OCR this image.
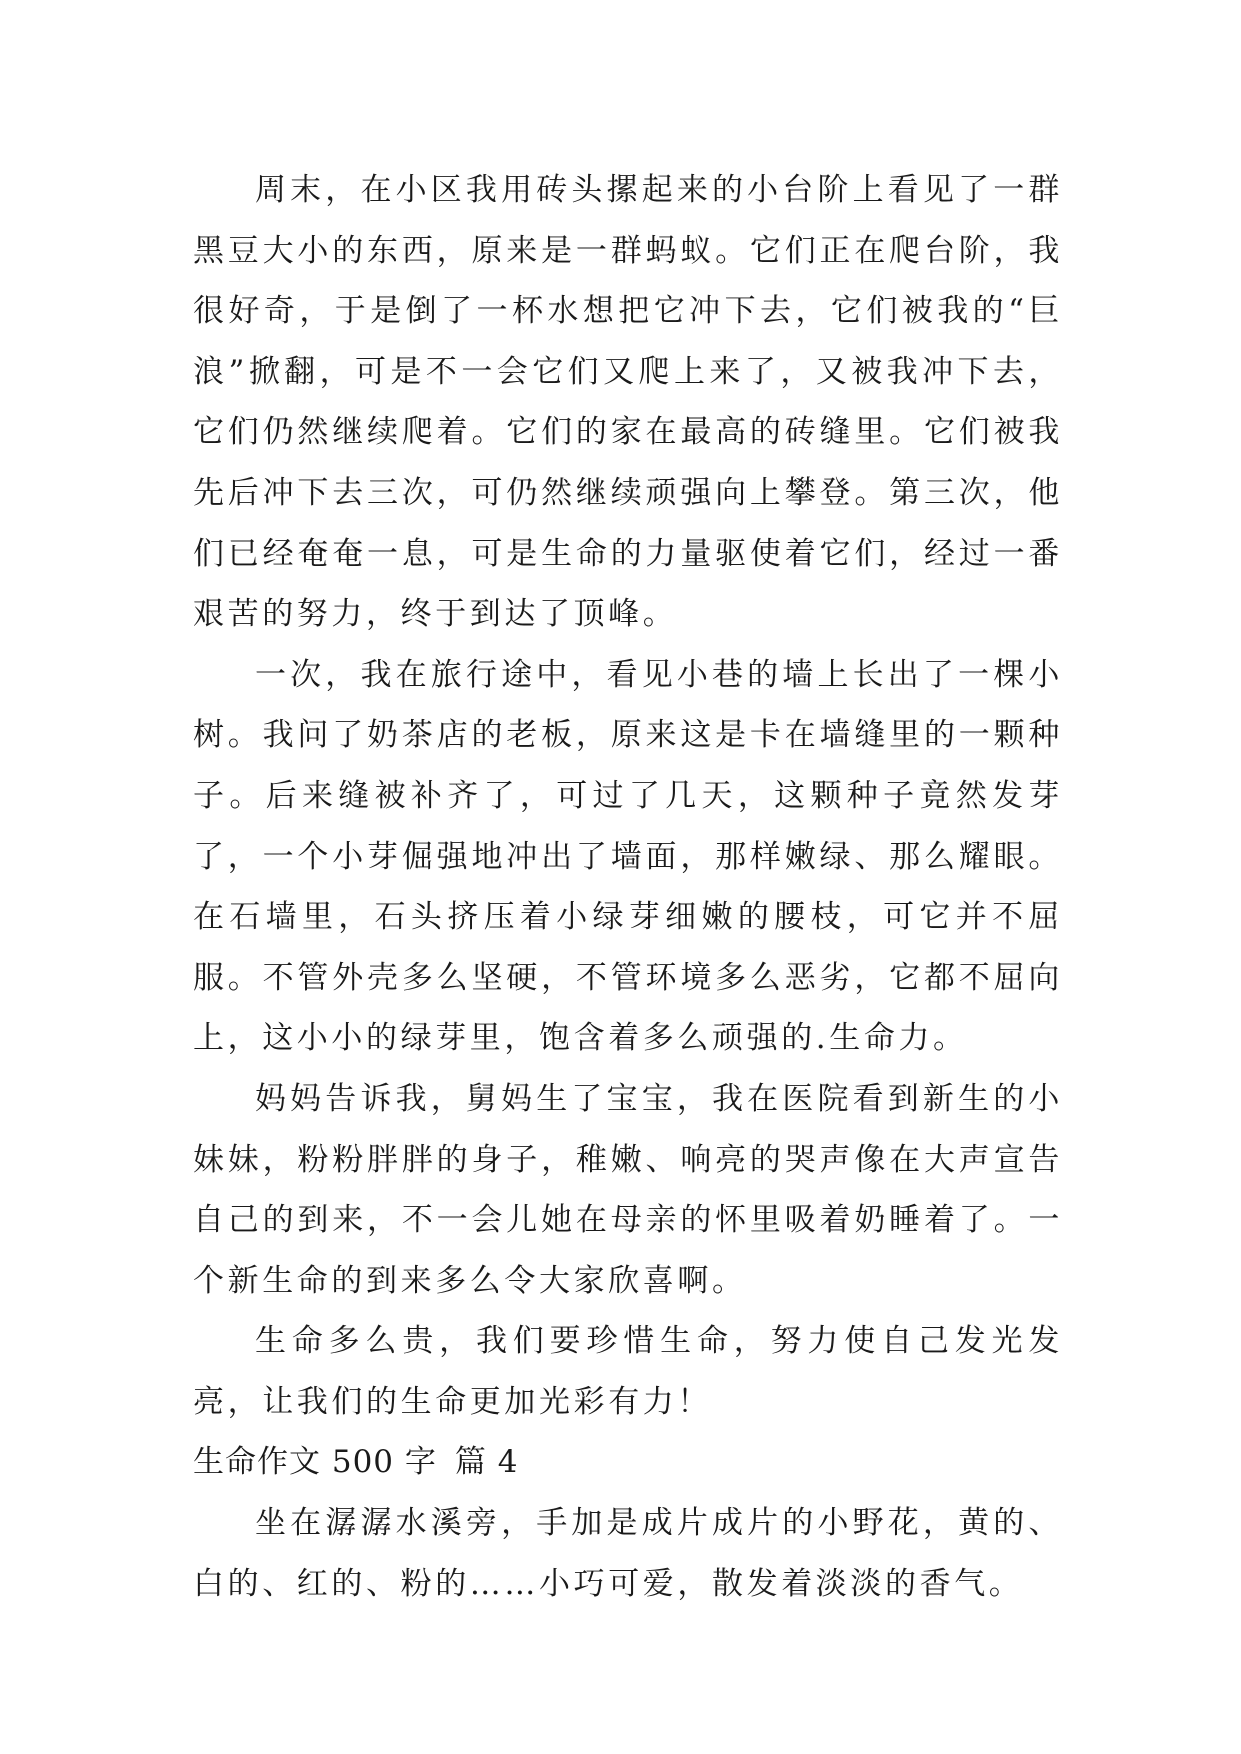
周末，在小区我用砖头摞起来的小台阶上看见了一群黑豆大小的东西，原来是一群蚂蚁。它们正在爬台阶，我很好奇，于是倒了一杯水想把它冲下去，它们被我的“巨浪”掀翻，可是不一会它们又爬上来了，又被我冲下去，它们仍然继续爬着。它们的家在最高的砖缝里。它们被我先后冲下去三次，可仍然继续顽强向上攀登。第三次，他们已经奄奄一息，可是生命的力量驱使着它们，经过一番艰苦的努力，终于到达了顶峰。

一次，我在旅行途中，看见小巷的墙上长出了一棵小树。我问了奶茶店的老板，原来这是卡在墙缝里的一颗种子。后来缝被补齐了，可过了几天，这颗种子竟然发芽了，一个小芽倔强地冲出了墙面，那样嫩绿、那么耀眼。在石墙里，石头挤压着小绿芽细嫩的腰枝，可它并不屈服。不管外壳多么坚硬，不管环境多么恶劣，它都不屈向上，这小小的绿芽里，饱含着多么顽强的.生命力。

妈妈告诉我，舅妈生了宝宝，我在医院看到新生的小妹妹，粉粉胖胖的身子，稚嫩、响亮的哭声像在大声宣告自己的到来，不一会儿她在母亲的怀里吸着奶睡着了。一个新生命的到来多么令大家欣喜啊。

生命多么贵，我们要珍惜生命，努力使自己发光发亮，让我们的生命更加光彩有力！

生命作文 500 字 篇 4

坐在潺潺水溪旁，手加是成片成片的小野花，黄的、白的、红的、粉的……小巧可爱，散发着淡淡的香气。
